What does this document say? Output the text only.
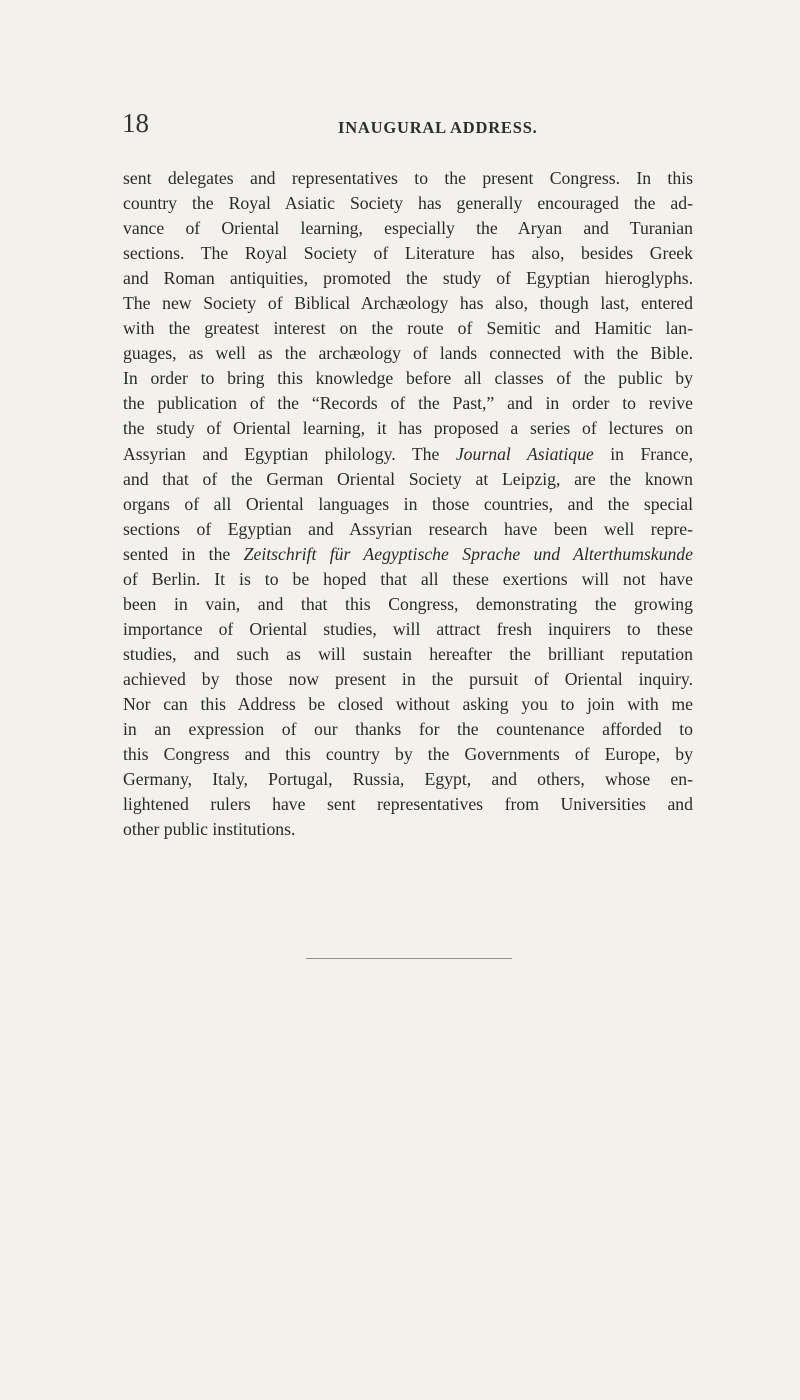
18	INAUGURAL ADDRESS.
sent delegates and representatives to the present Congress. In this
country the Royal Asiatic Society has generally encouraged the ad-
vance of Oriental learning, especially the Aryan and Turanian
sections. The Royal Society of Literature has also, besides Greek
and Roman antiquities, promoted the study of Egyptian hieroglyphs.
The new Society of Biblical Archæology has also, though last, entered
with the greatest interest on the route of Semitic and Hamitic lan-
guages, as well as the archæology of lands connected with the Bible.
In order to bring this knowledge before all classes of the public by
the publication of the “Records of the Past,” and in order to revive
the study of Oriental learning, it has proposed a series of lectures on
Assyrian and Egyptian philology. The Journal Asiatique in France,
and that of the German Oriental Society at Leipzig, are the known
organs of all Oriental languages in those countries, and the special
sections of Egyptian and Assyrian research have been well repre-
sented in the Zeitschrift für Aegyptische Sprache und Alterthumskunde
of Berlin. It is to be hoped that all these exertions will not have
been in vain, and that this Congress, demonstrating the growing
importance of Oriental studies, will attract fresh inquirers to these
studies, and such as will sustain hereafter the brilliant reputation
achieved by those now present in the pursuit of Oriental inquiry.
Nor can this Address be closed without asking you to join with me
in an expression of our thanks for the countenance afforded to
this Congress and this country by the Governments of Europe, by
Germany, Italy, Portugal, Russia, Egypt, and others, whose en-
lightened rulers have sent representatives from Universities and
other public institutions.
